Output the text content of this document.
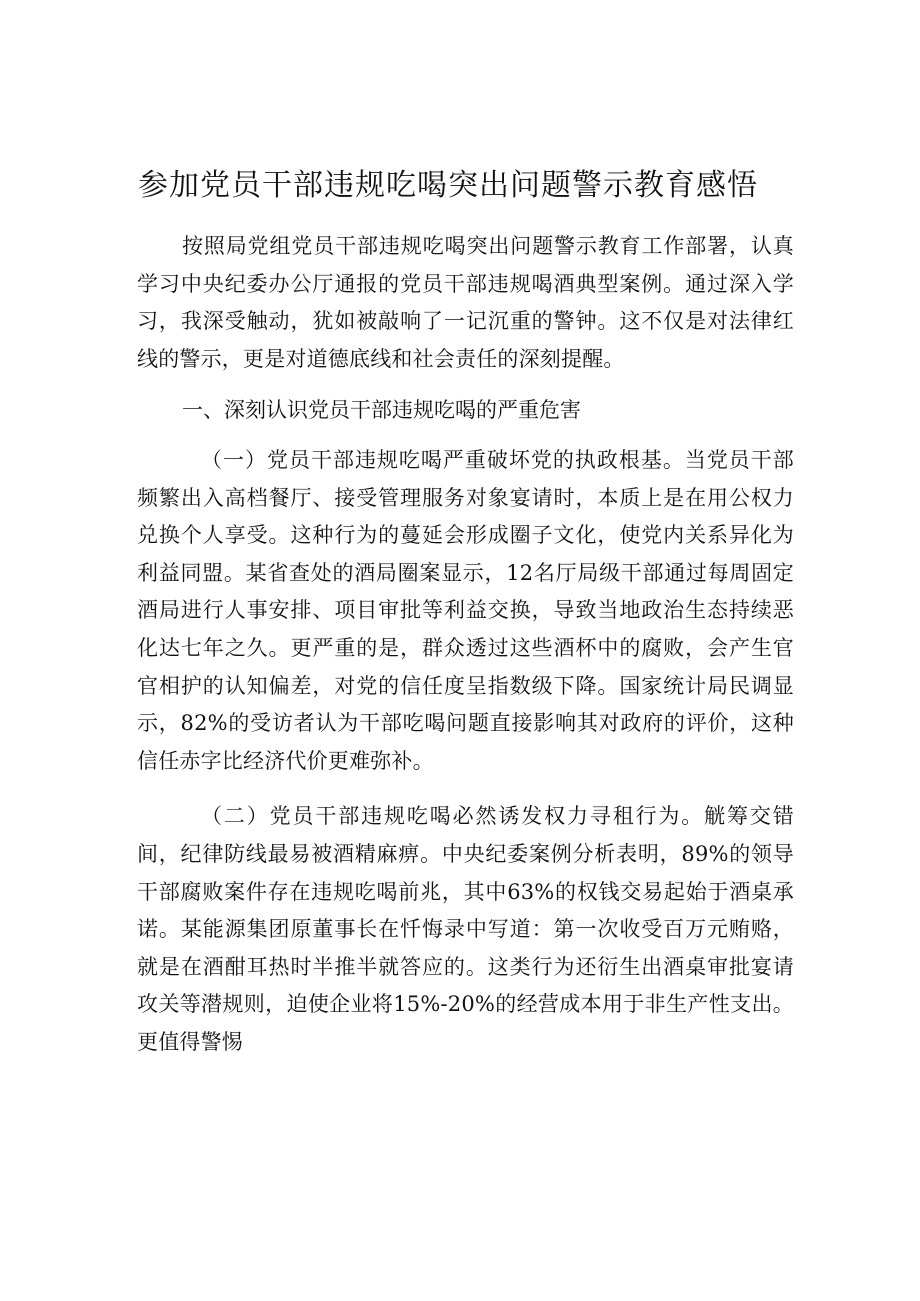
参加党员干部违规吃喝突出问题警示教育感悟

按照局党组党员干部违规吃喝突出问题警示教育工作部署，认真学习中央纪委办公厅通报的党员干部违规喝酒典型案例。通过深入学习，我深受触动，犹如被敲响了一记沉重的警钟。这不仅是对法律红线的警示，更是对道德底线和社会责任的深刻提醒。

一、深刻认识党员干部违规吃喝的严重危害

（一）党员干部违规吃喝严重破坏党的执政根基。当党员干部频繁出入高档餐厅、接受管理服务对象宴请时，本质上是在用公权力兑换个人享受。这种行为的蔓延会形成圈子文化，使党内关系异化为利益同盟。某省查处的酒局圈案显示，12名厅局级干部通过每周固定酒局进行人事安排、项目审批等利益交换，导致当地政治生态持续恶化达七年之久。更严重的是，群众透过这些酒杯中的腐败，会产生官官相护的认知偏差，对党的信任度呈指数级下降。国家统计局民调显示，82%的受访者认为干部吃喝问题直接影响其对政府的评价，这种信任赤字比经济代价更难弥补。

（二）党员干部违规吃喝必然诱发权力寻租行为。觥筹交错间，纪律防线最易被酒精麻痹。中央纪委案例分析表明，89%的领导干部腐败案件存在违规吃喝前兆，其中63%的权钱交易起始于酒桌承诺。某能源集团原董事长在忏悔录中写道：第一次收受百万元贿赂，就是在酒酣耳热时半推半就答应的。这类行为还衍生出酒桌审批宴请攻关等潜规则，迫使企业将15%-20%的经营成本用于非生产性支出。更值得警惕
